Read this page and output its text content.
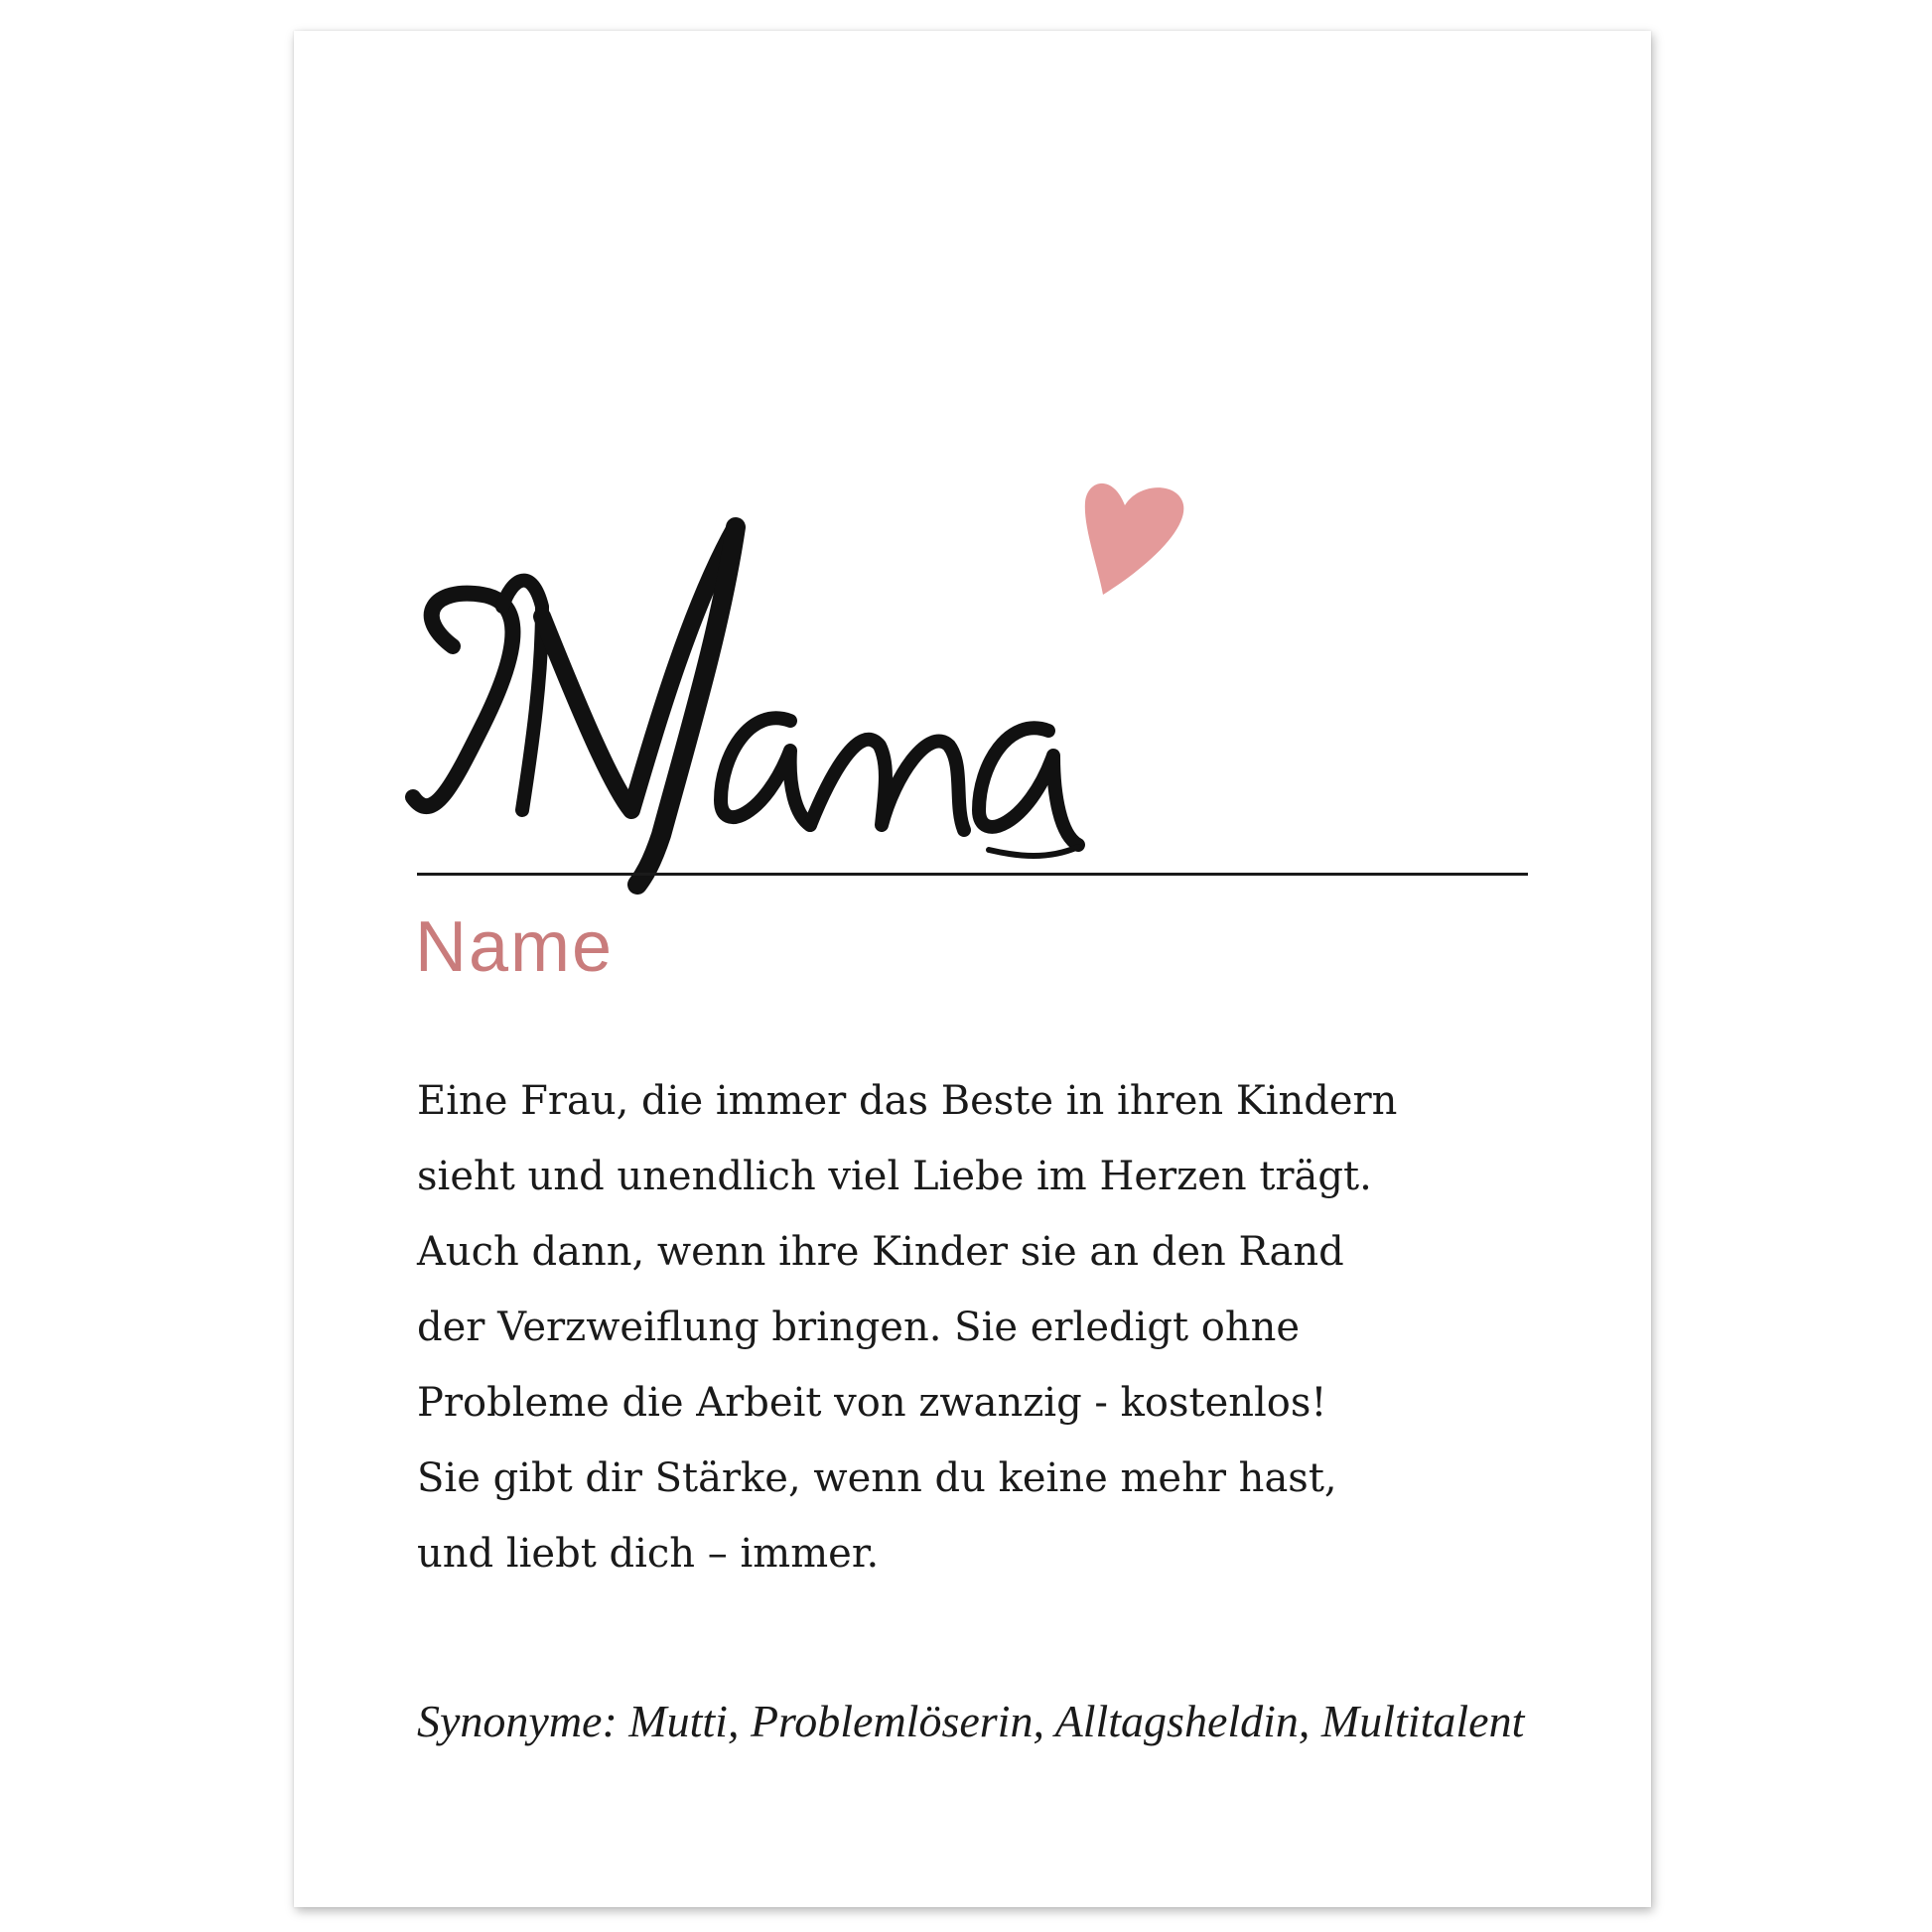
Name

Eine Frau, die immer das Beste in ihren Kindern
sieht und unendlich viel Liebe im Herzen trägt.
Auch dann, wenn ihre Kinder sie an den Rand
der Verzweiflung bringen. Sie erledigt ohne
Probleme die Arbeit von zwanzig - kostenlos!
Sie gibt dir Stärke, wenn du keine mehr hast,
und liebt dich – immer.

Synonyme: Mutti, Problemlöserin, Alltagsheldin, Multitalent
